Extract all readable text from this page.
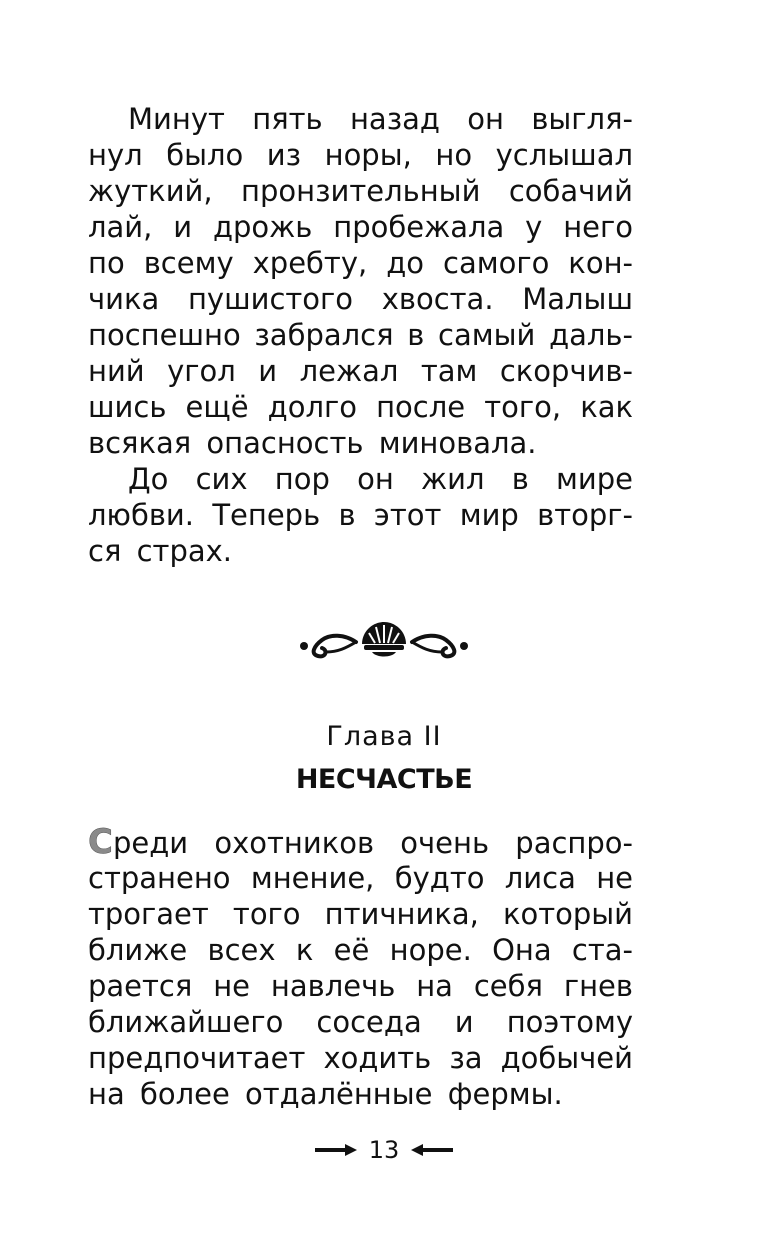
Минут пять назад он выгля-
нул было из норы, но услышал
жуткий, пронзительный собачий
лай, и дрожь пробежала у него
по всему хребту, до самого кон-
чика пушистого хвоста. Малыш
поспешно забрался в самый даль-
ний угол и лежал там скорчив-
шись ещё долго после того, как
всякая опасность миновала.
До сих пор он жил в мире
любви. Теперь в этот мир вторг-
ся страх.
Глава II
НЕСЧАСТЬЕ
Среди охотников очень распро-
странено мнение, будто лиса не
трогает того птичника, который
ближе всех к её норе. Она ста-
рается не навлечь на себя гнев
ближайшего соседа и поэтому
предпочитает ходить за добычей
на более отдалённые фермы.
13
